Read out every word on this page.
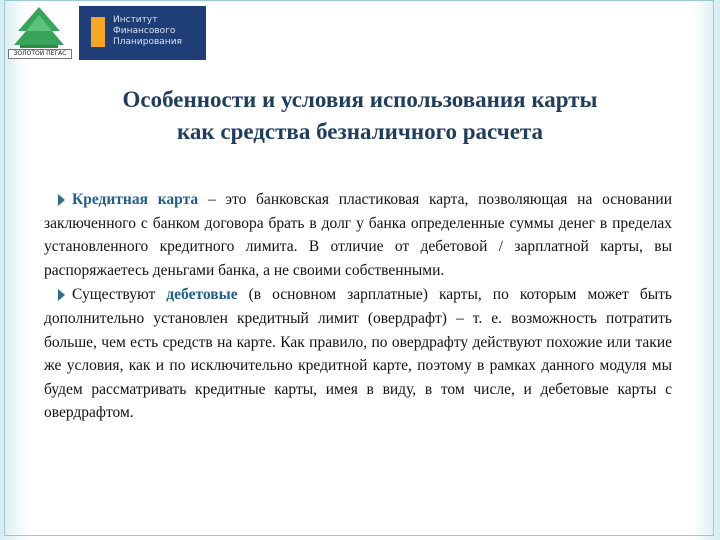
ЗОЛОТОЙ ПЕГАС
Институт
Финансового
Планирования
Особенности и условия использования карты
как средства безналичного расчета

Кредитная карта – это банковская пластиковая карта, позволяющая на основании заключенного с банком договора брать в долг у банка определенные суммы денег в пределах установленного кредитного лимита. В отличие от дебетовой / зарплатной карты, вы распоряжаетесь деньгами банка, а не своими собственными.

Существуют дебетовые (в основном зарплатные) карты, по которым может быть дополнительно установлен кредитный лимит (овердрафт) – т. е. возможность потратить больше, чем есть средств на карте. Как правило, по овердрафту действуют похожие или такие же условия, как и по исключительно кредитной карте, поэтому в рамках данного модуля мы будем рассматривать кредитные карты, имея в виду, в том числе, и дебетовые карты с овердрафтом.
